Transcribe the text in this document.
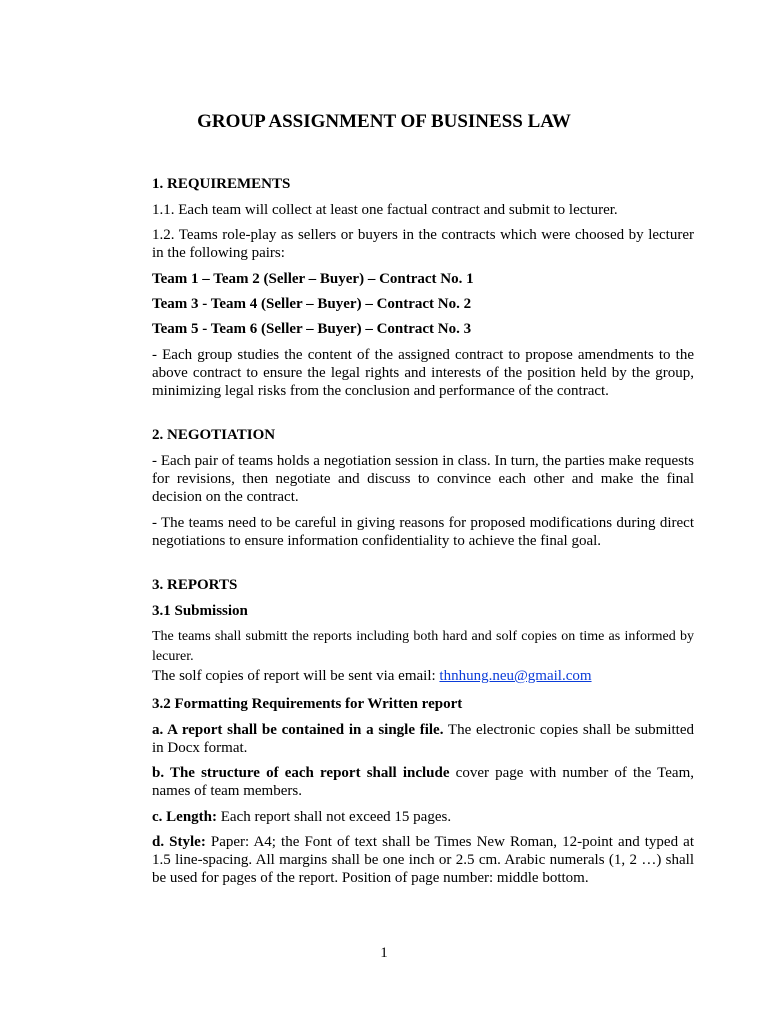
GROUP ASSIGNMENT OF BUSINESS LAW
1. REQUIREMENTS
1.1. Each team will collect at least one factual contract and submit to lecturer.
1.2. Teams role-play as sellers or buyers in the contracts which were choosed by lecturer in the following pairs:
Team 1 – Team 2 (Seller – Buyer) – Contract No. 1
Team 3 - Team 4 (Seller – Buyer) – Contract No. 2
Team 5 - Team 6 (Seller – Buyer) – Contract No. 3
- Each group studies the content of the assigned contract to propose amendments to the above contract to ensure the legal rights and interests of the position held by the group, minimizing legal risks from the conclusion and performance of the contract.
2. NEGOTIATION
- Each pair of teams holds a negotiation session in class. In turn, the parties make requests for revisions, then negotiate and discuss to convince each other and make the final decision on the contract.
- The teams need to be careful in giving reasons for proposed modifications during direct negotiations to ensure information confidentiality to achieve the final goal.
3. REPORTS
3.1 Submission
The teams shall submitt the reports including both hard and solf copies on time as informed by lecurer.
The solf copies of report will be sent via email: thnhung.neu@gmail.com
3.2 Formatting Requirements for Written report
a. A report shall be contained in a single file. The electronic copies shall be submitted in Docx format.
b. The structure of each report shall include cover page with number of the Team, names of team members.
c. Length: Each report shall not exceed 15 pages.
d. Style: Paper: A4; the Font of text shall be Times New Roman, 12-point and typed at 1.5 line-spacing. All margins shall be one inch or 2.5 cm. Arabic numerals (1, 2 …) shall be used for pages of the report. Position of page number: middle bottom.
1
